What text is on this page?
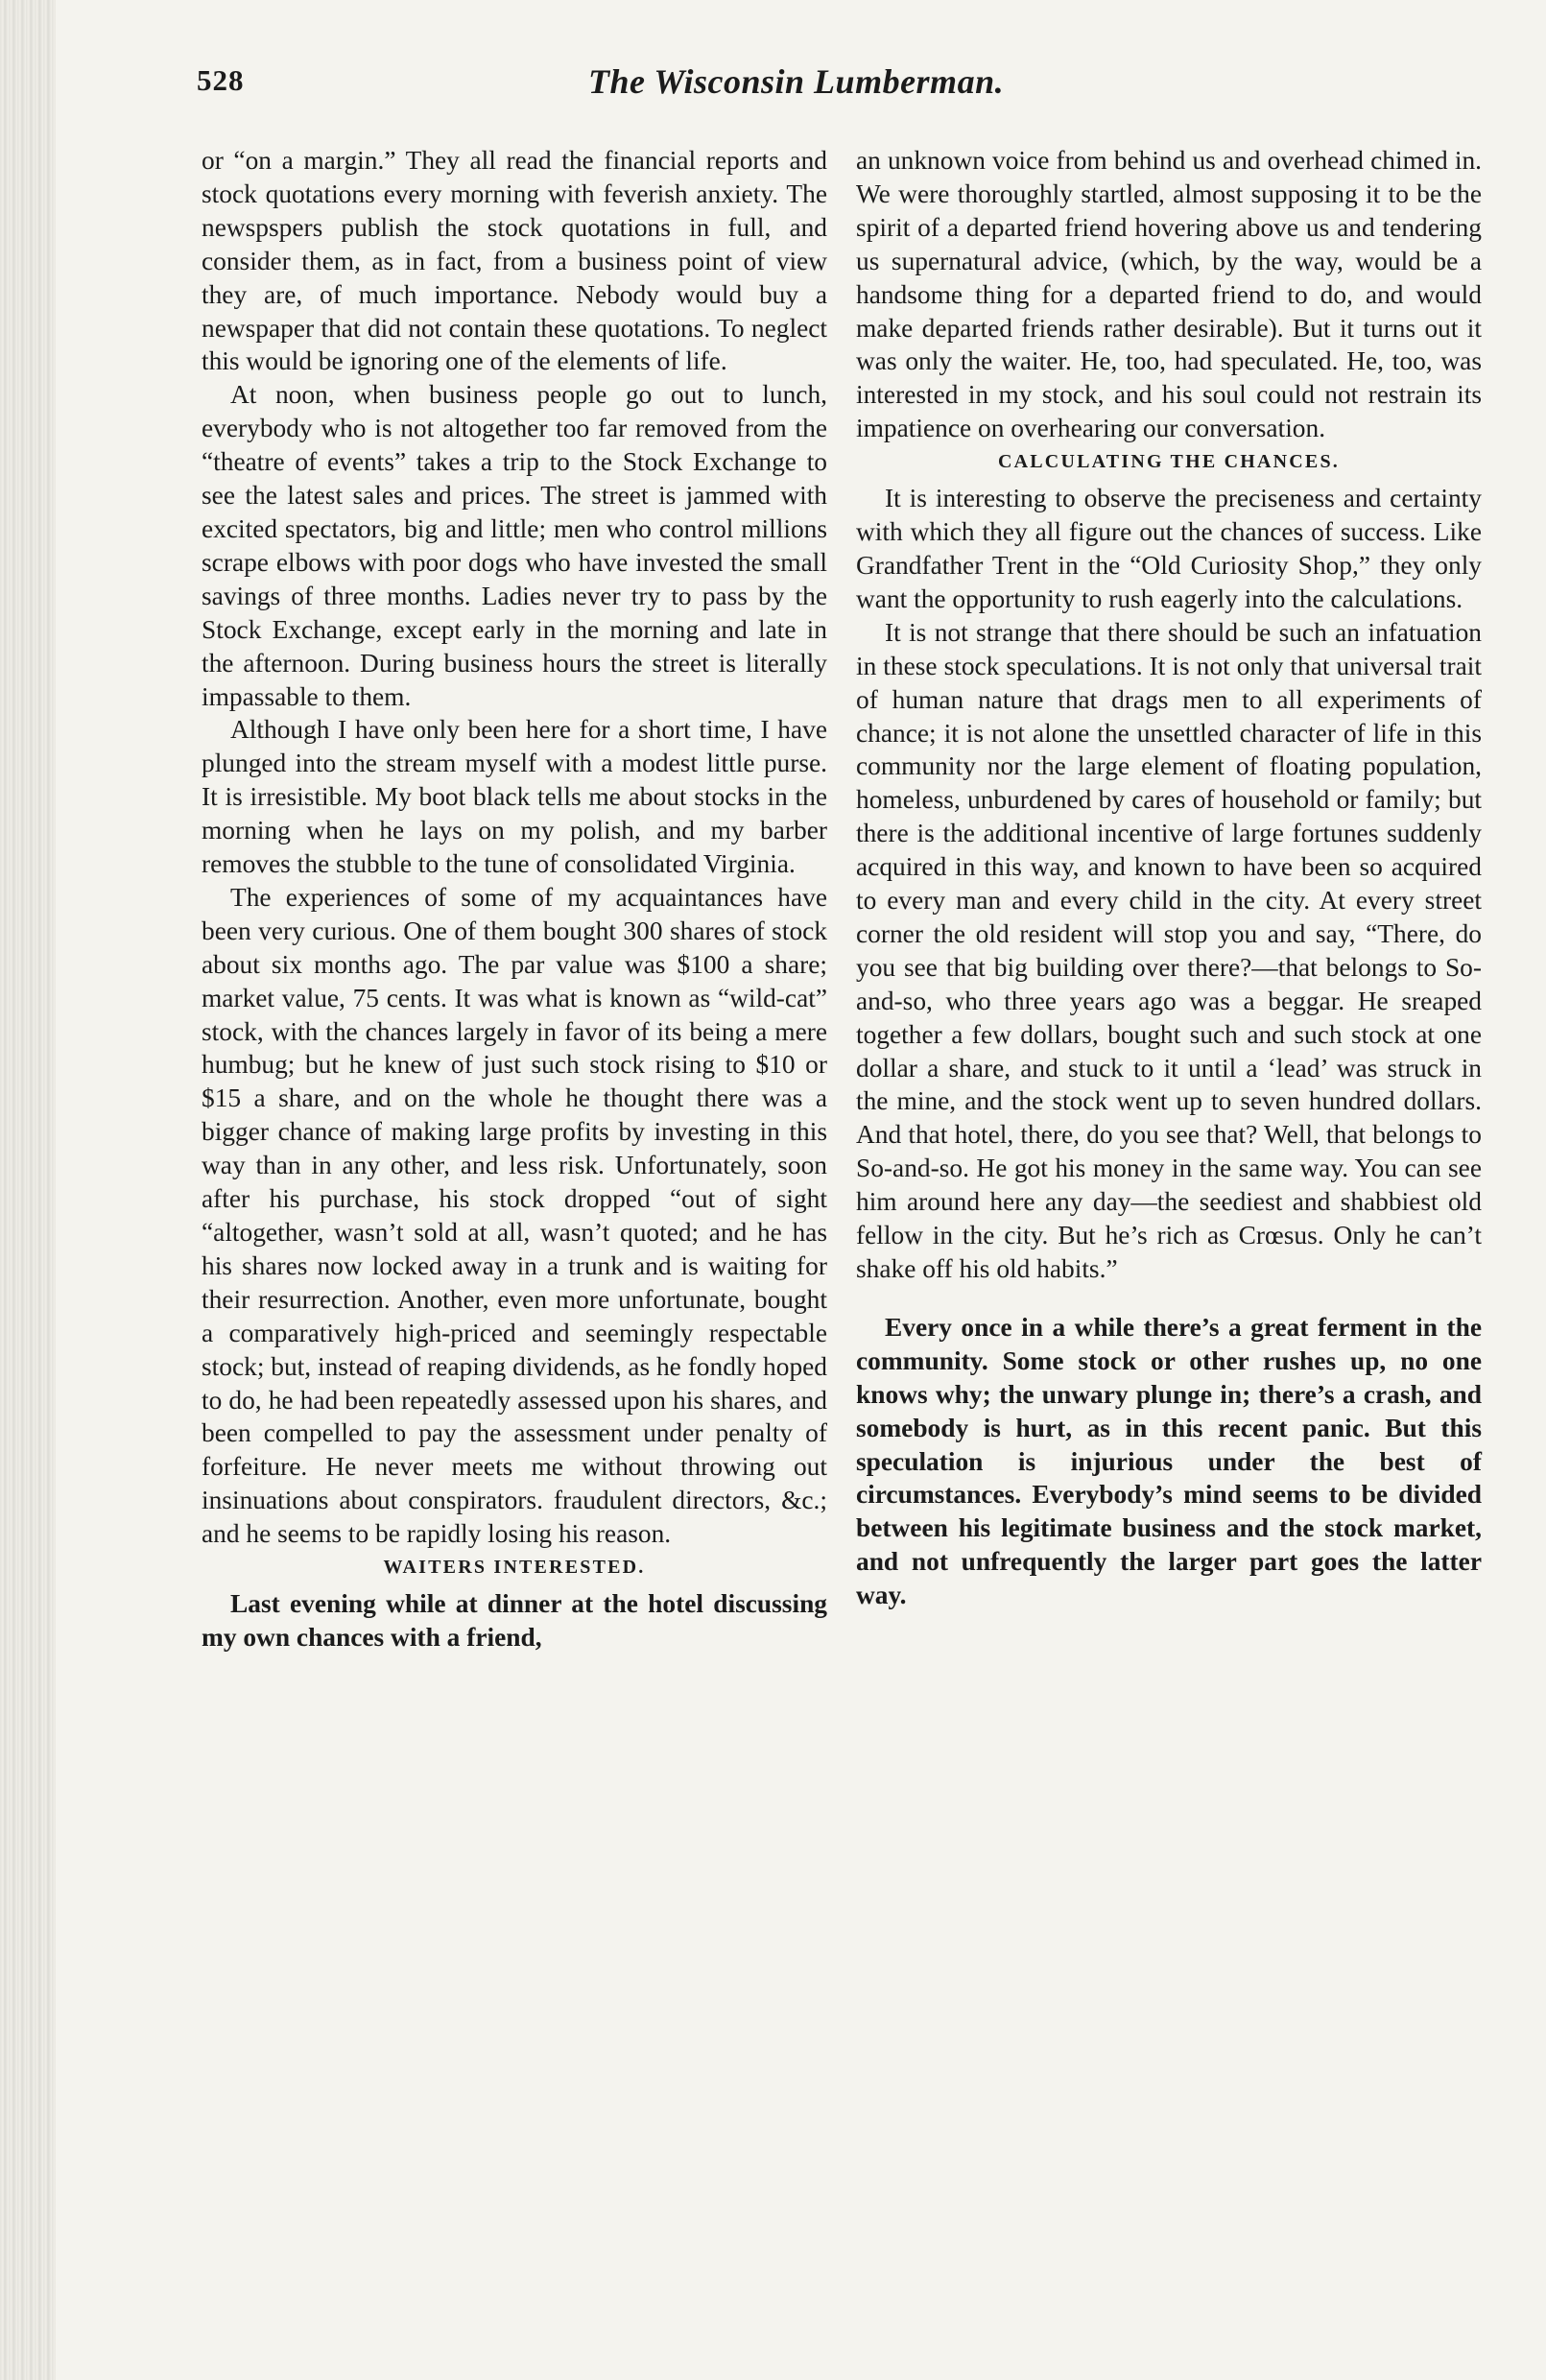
528	The Wisconsin Lumberman.

or “on a margin.” They all read the financial reports and stock quotations every morning with feverish anxiety. The newspspers publish the stock quotations in full, and consider them, as in fact, from a business point of view they are, of much importance. Nebody would buy a newspaper that did not contain these quotations. To neglect this would be ignoring one of the elements of life.

At noon, when business people go out to lunch, everybody who is not altogether too far removed from the “theatre of events” takes a trip to the Stock Exchange to see the latest sales and prices. The street is jammed with excited spectators, big and little; men who control millions scrape elbows with poor dogs who have invested the small savings of three months. Ladies never try to pass by the Stock Exchange, except early in the morning and late in the afternoon. During business hours the street is literally impassable to them.

Although I have only been here for a short time, I have plunged into the stream myself with a modest little purse. It is irresistible. My boot black tells me about stocks in the morning when he lays on my polish, and my barber removes the stubble to the tune of consolidated Virginia.

The experiences of some of my acquaintances have been very curious. One of them bought 300 shares of stock about six months ago. The par value was $100 a share; market value, 75 cents. It was what is known as “wild-cat” stock, with the chances largely in favor of its being a mere humbug; but he knew of just such stock rising to $10 or $15 a share, and on the whole he thought there was a bigger chance of making large profits by investing in this way than in any other, and less risk. Unfortunately, soon after his purchase, his stock dropped “out of sight “altogether, wasn’t sold at all, wasn’t quoted; and he has his shares now locked away in a trunk and is waiting for their resurrection. Another, even more unfortunate, bought a comparatively high-priced and seemingly respectable stock; but, instead of reaping dividends, as he fondly hoped to do, he had been repeatedly assessed upon his shares, and been compelled to pay the assessment under penalty of forfeiture. He never meets me without throwing out insinuations about conspirators. fraudulent directors, &c.; and he seems to be rapidly losing his reason.

WAITERS INTERESTED.

Last evening while at dinner at the hotel discussing my own chances with a friend,

an unknown voice from behind us and overhead chimed in. We were thoroughly startled, almost supposing it to be the spirit of a departed friend hovering above us and tendering us supernatural advice, (which, by the way, would be a handsome thing for a departed friend to do, and would make departed friends rather desirable). But it turns out it was only the waiter. He, too, had speculated. He, too, was interested in my stock, and his soul could not restrain its impatience on overhearing our conversation.

CALCULATING THE CHANCES.

It is interesting to observe the preciseness and certainty with which they all figure out the chances of success. Like Grandfather Trent in the “Old Curiosity Shop,” they only want the opportunity to rush eagerly into the calculations.

It is not strange that there should be such an infatuation in these stock speculations. It is not only that universal trait of human nature that drags men to all experiments of chance; it is not alone the unsettled character of life in this community nor the large element of floating population, homeless, unburdened by cares of household or family; but there is the additional incentive of large fortunes suddenly acquired in this way, and known to have been so acquired to every man and every child in the city. At every street corner the old resident will stop you and say, “There, do you see that big building over there?—that belongs to So-and-so, who three years ago was a beggar. He sreaped together a few dollars, bought such and such stock at one dollar a share, and stuck to it until a ‘lead’ was struck in the mine, and the stock went up to seven hundred dollars. And that hotel, there, do you see that? Well, that belongs to So-and-so. He got his money in the same way. You can see him around here any day—the seediest and shabbiest old fellow in the city. But he’s rich as Crœsus. Only he can’t shake off his old habits.”

Every once in a while there’s a great ferment in the community. Some stock or other rushes up, no one knows why; the unwary plunge in; there’s a crash, and somebody is hurt, as in this recent panic. But this speculation is injurious under the best of circumstances. Everybody’s mind seems to be divided between his legitimate business and the stock market, and not unfrequently the larger part goes the latter way.
